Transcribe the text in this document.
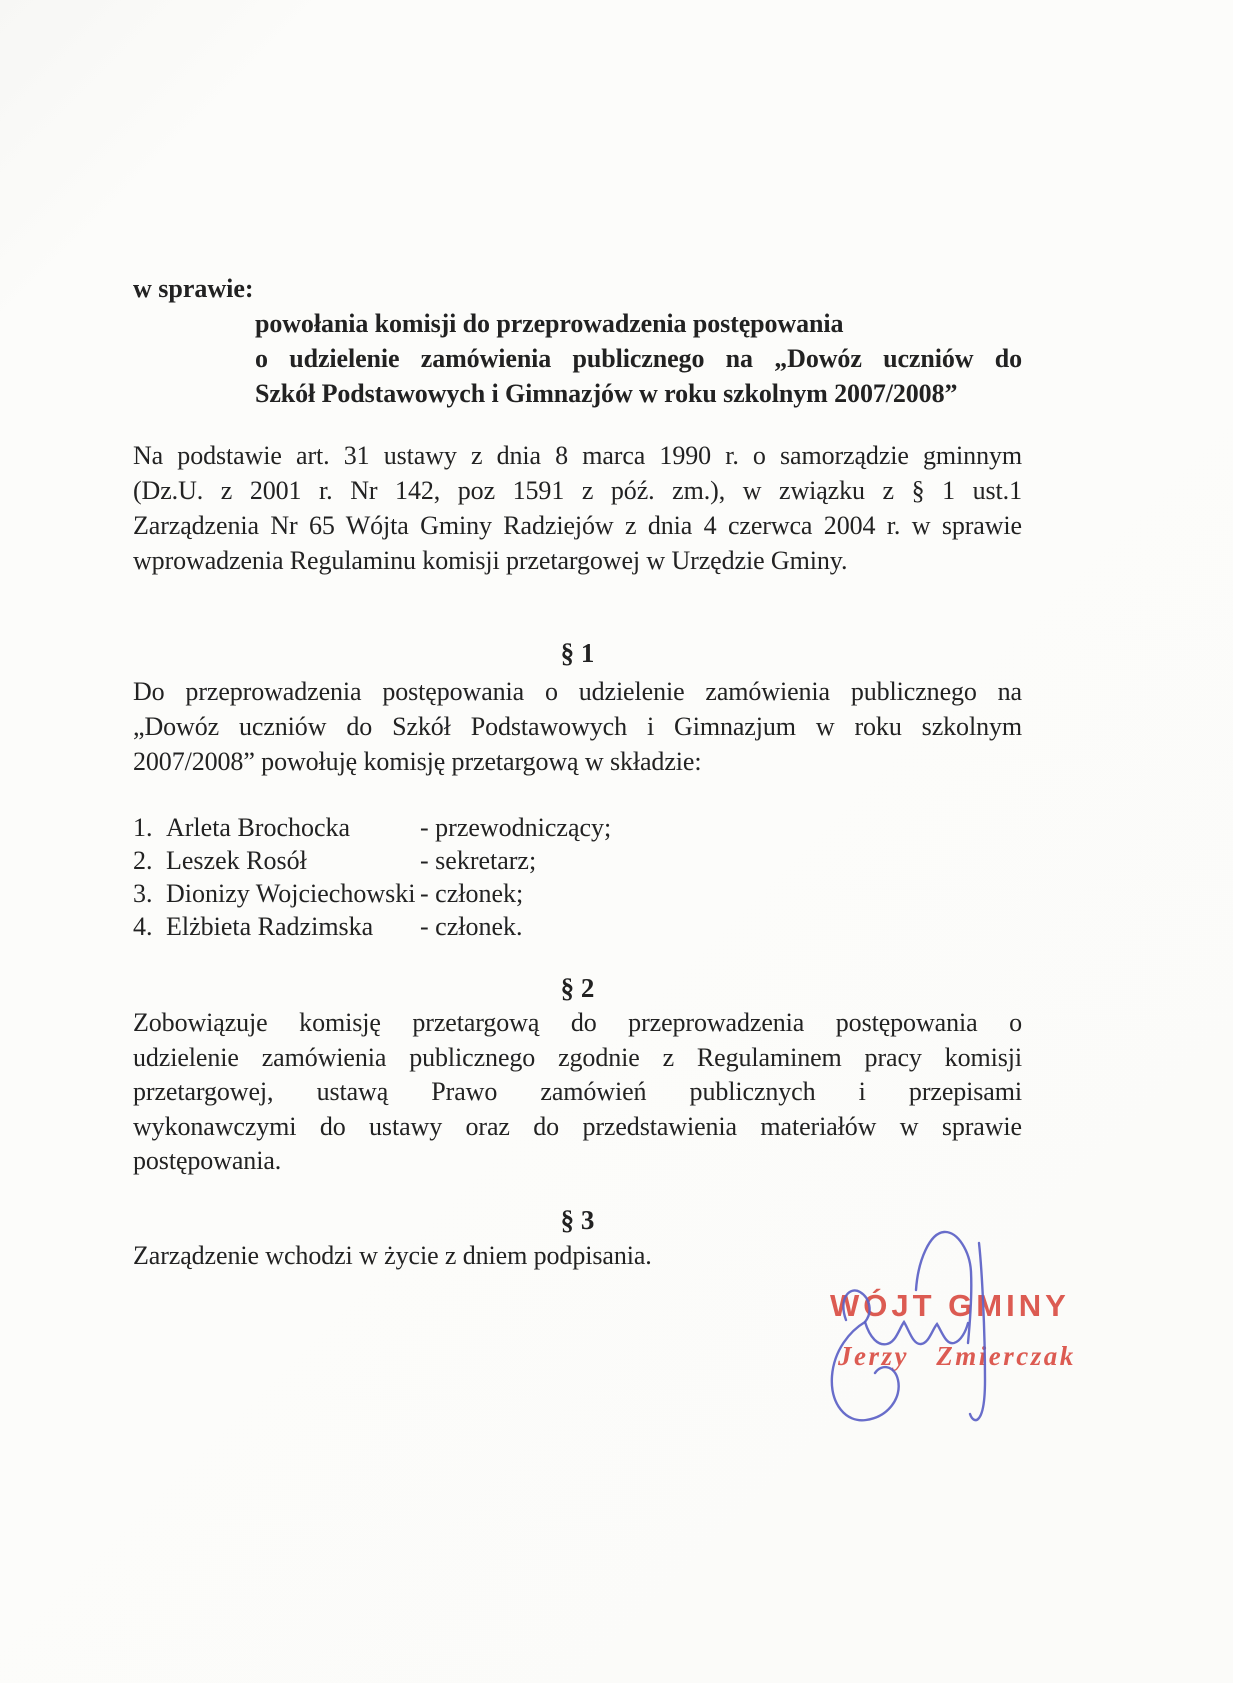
w sprawie:
powołania komisji do przeprowadzenia postępowania
o udzielenie zamówienia publicznego na „Dowóz uczniów do
Szkół Podstawowych i Gimnazjów w roku szkolnym 2007/2008”
Na podstawie art. 31 ustawy z dnia 8 marca 1990 r. o samorządzie gminnym
(Dz.U. z 2001 r. Nr 142, poz 1591 z póź. zm.), w związku z § 1 ust.1
Zarządzenia Nr 65 Wójta Gminy Radziejów z dnia 4 czerwca 2004 r. w sprawie
wprowadzenia Regulaminu komisji przetargowej w Urzędzie Gminy.
§ 1
Do przeprowadzenia postępowania o udzielenie zamówienia publicznego na
„Dowóz uczniów do Szkół Podstawowych i Gimnazjum w roku szkolnym
2007/2008” powołuję komisję przetargową w składzie:
1. Arleta Brochocka	- przewodniczący;
2. Leszek Rosół	- sekretarz;
3. Dionizy Wojciechowski - członek;
4. Elżbieta Radzimska - członek.
§ 2
Zobowiązuje komisję przetargową do przeprowadzenia postępowania o
udzielenie zamówienia publicznego zgodnie z Regulaminem pracy komisji
przetargowej, ustawą Prawo zamówień publicznych i przepisami
wykonawczymi do ustawy oraz do przedstawienia materiałów w sprawie
postępowania.
§ 3
Zarządzenie wchodzi w życie z dniem podpisania.
WÓJT GMINY
Jerzy Zmierczak
